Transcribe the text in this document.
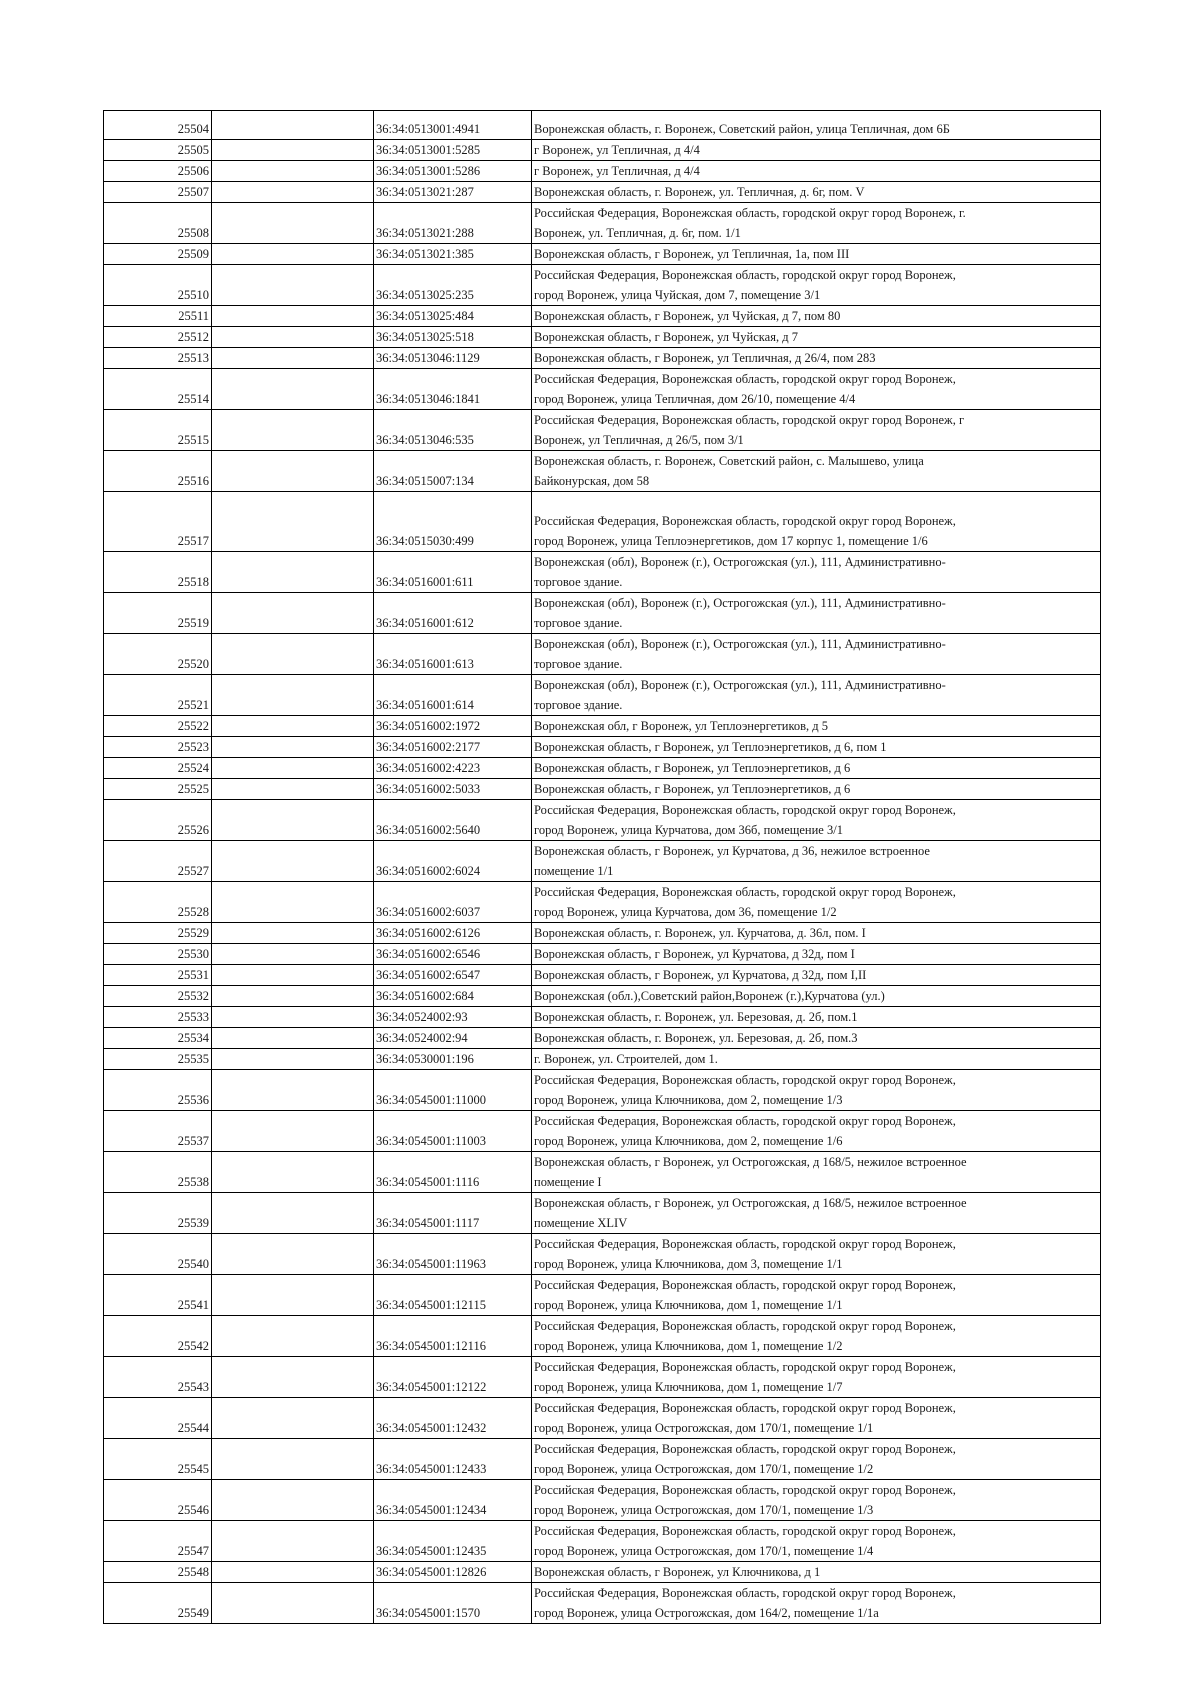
25504		36:34:0513001:4941	Воронежская область, г. Воронеж, Советский район, улица Тепличная, дом 6Б

25505		36:34:0513001:5285	г Воронеж, ул Тепличная, д 4/4

25506		36:34:0513001:5286	г Воронеж, ул Тепличная, д 4/4

25507		36:34:0513021:287	Воронежская область, г. Воронеж, ул. Тепличная, д. 6г, пом. V

25508		36:34:0513021:288	Российская Федерация, Воронежская область, городской округ город Воронеж, г.
Воронеж, ул. Тепличная, д. 6г, пом. 1/1

25509		36:34:0513021:385	Воронежская область, г Воронеж, ул Тепличная, 1а, пом III

25510		36:34:0513025:235	Российская Федерация, Воронежская область, городской округ город Воронеж,
город Воронеж, улица Чуйская, дом 7, помещение 3/1

25511		36:34:0513025:484	Воронежская область, г Воронеж, ул Чуйская, д 7, пом 80

25512		36:34:0513025:518	Воронежская область, г Воронеж, ул Чуйская, д 7

25513		36:34:0513046:1129	Воронежская область, г Воронеж, ул Тепличная, д 26/4, пом 283

25514		36:34:0513046:1841	Российская Федерация, Воронежская область, городской округ город Воронеж,
город Воронеж, улица Тепличная, дом 26/10, помещение 4/4

25515		36:34:0513046:535	Российская Федерация, Воронежская область, городской округ город Воронеж, г
Воронеж, ул Тепличная, д 26/5, пом 3/1

25516		36:34:0515007:134	Воронежская область, г. Воронеж, Советский район, с. Малышево, улица
Байконурская, дом 58

25517		36:34:0515030:499	Российская Федерация, Воронежская область, городской округ город Воронеж,
город Воронеж, улица Теплоэнергетиков, дом 17 корпус 1, помещение 1/6

25518		36:34:0516001:611	Воронежская (обл), Воронеж (г.), Острогожская (ул.), 111, Административно-
торговое здание.

25519		36:34:0516001:612	Воронежская (обл), Воронеж (г.), Острогожская (ул.), 111, Административно-
торговое здание.

25520		36:34:0516001:613	Воронежская (обл), Воронеж (г.), Острогожская (ул.), 111, Административно-
торговое здание.

25521		36:34:0516001:614	Воронежская (обл), Воронеж (г.), Острогожская (ул.), 111, Административно-
торговое здание.

25522		36:34:0516002:1972	Воронежская обл, г Воронеж, ул Теплоэнергетиков, д 5

25523		36:34:0516002:2177	Воронежская область, г Воронеж, ул Теплоэнергетиков, д 6, пом 1

25524		36:34:0516002:4223	Воронежская область, г Воронеж, ул Теплоэнергетиков, д 6

25525		36:34:0516002:5033	Воронежская область, г Воронеж, ул Теплоэнергетиков, д 6

25526		36:34:0516002:5640	Российская Федерация, Воронежская область, городской округ город Воронеж,
город Воронеж, улица Курчатова, дом 36б, помещение 3/1

25527		36:34:0516002:6024	Воронежская область, г Воронеж, ул Курчатова, д 36, нежилое встроенное
помещение 1/1

25528		36:34:0516002:6037	Российская Федерация, Воронежская область, городской округ город Воронеж,
город Воронеж, улица Курчатова, дом 36, помещение 1/2

25529		36:34:0516002:6126	Воронежская область, г. Воронеж, ул. Курчатова, д. 36л, пом. I

25530		36:34:0516002:6546	Воронежская область, г Воронеж, ул Курчатова, д 32д, пом I

25531		36:34:0516002:6547	Воронежская область, г Воронеж, ул Курчатова, д 32д, пом I,II

25532		36:34:0516002:684	Воронежская (обл.),Советский район,Воронеж (г.),Курчатова (ул.)

25533		36:34:0524002:93	Воронежская область, г. Воронеж, ул. Березовая, д. 2б, пом.1

25534		36:34:0524002:94	Воронежская область, г. Воронеж, ул. Березовая, д. 2б, пом.3

25535		36:34:0530001:196	г. Воронеж, ул. Строителей, дом 1.

25536		36:34:0545001:11000	Российская Федерация, Воронежская область, городской округ город Воронеж,
город Воронеж, улица Ключникова, дом 2, помещение 1/3

25537		36:34:0545001:11003	Российская Федерация, Воронежская область, городской округ город Воронеж,
город Воронеж, улица Ключникова, дом 2, помещение 1/6

25538		36:34:0545001:1116	Воронежская область, г Воронеж, ул Острогожская, д 168/5, нежилое встроенное
помещение I

25539		36:34:0545001:1117	Воронежская область, г Воронеж, ул Острогожская, д 168/5, нежилое встроенное
помещение XLIV

25540		36:34:0545001:11963	Российская Федерация, Воронежская область, городской округ город Воронеж,
город Воронеж, улица Ключникова, дом 3, помещение 1/1

25541		36:34:0545001:12115	Российская Федерация, Воронежская область, городской округ город Воронеж,
город Воронеж, улица Ключникова, дом 1, помещение 1/1

25542		36:34:0545001:12116	Российская Федерация, Воронежская область, городской округ город Воронеж,
город Воронеж, улица Ключникова, дом 1, помещение 1/2

25543		36:34:0545001:12122	Российская Федерация, Воронежская область, городской округ город Воронеж,
город Воронеж, улица Ключникова, дом 1, помещение 1/7

25544		36:34:0545001:12432	Российская Федерация, Воронежская область, городской округ город Воронеж,
город Воронеж, улица Острогожская, дом 170/1, помещение 1/1

25545		36:34:0545001:12433	Российская Федерация, Воронежская область, городской округ город Воронеж,
город Воронеж, улица Острогожская, дом 170/1, помещение 1/2

25546		36:34:0545001:12434	Российская Федерация, Воронежская область, городской округ город Воронеж,
город Воронеж, улица Острогожская, дом 170/1, помещение 1/3

25547		36:34:0545001:12435	Российская Федерация, Воронежская область, городской округ город Воронеж,
город Воронеж, улица Острогожская, дом 170/1, помещение 1/4

25548		36:34:0545001:12826	Воронежская область, г Воронеж, ул Ключникова, д 1

25549		36:34:0545001:1570	Российская Федерация, Воронежская область, городской округ город Воронеж,
город Воронеж, улица Острогожская, дом 164/2, помещение 1/1а
